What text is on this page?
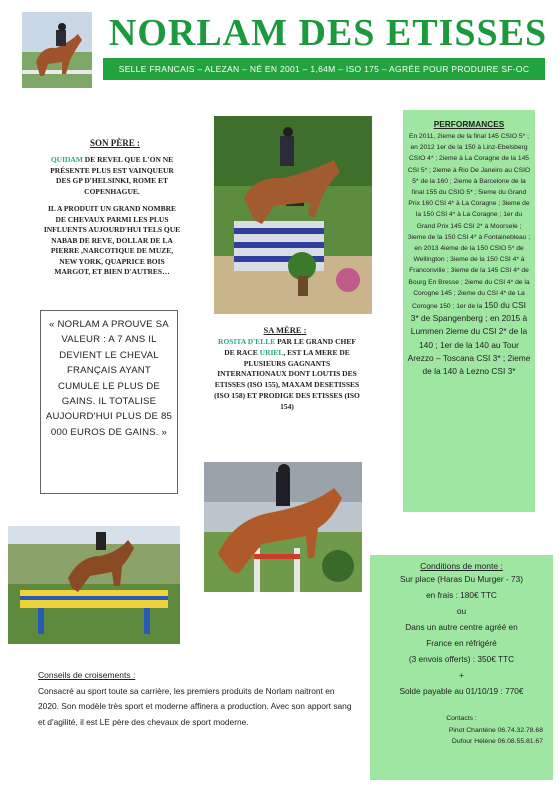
NORLAM DES ETISSES
SELLE FRANCAIS – ALEZAN – NÉ EN 2001 – 1,64M – ISO 175 – AGRÉE POUR PRODUIRE SF-OC
SON PÈRE :
QUIDAM DE REVEL QUE L'ON NE PRÉSENTE PLUS EST VAINQUEUR DES GP D'HELSINKI, ROME ET COPENHAGUE.
IL A PRODUIT UN GRAND NOMBRE DE CHEVAUX PARMI LES PLUS INFLUENTS AUJOURD'HUI TELS QUE NABAB DE REVE, DOLLAR DE LA PIERRE ,NARCOTIQUE DE MUZE, NEW YORK, QUAPRICE BOIS MARGOT, ET BIEN D'AUTRES…
« NORLAM A PROUVE SA VALEUR : A 7 ANS IL DEVIENT LE CHEVAL FRANÇAIS AYANT CUMULE LE PLUS DE GAINS. IL TOTALISE AUJOURD'HUI PLUS DE 85 000 EUROS DE GAINS. »
SA MÈRE :
ROSITA D'ELLE PAR LE GRAND CHEF DE RACE URIEL, EST LA MERE DE PLUSIEURS GAGNANTS INTERNATIONAUX DONT LOUTIS DES ETISSES (ISO 155), MAXAM DESETISSES (ISO 158) ET PRODIGE DES ETISSES (ISO 154)
PERFORMANCES
En 2011, 2ieme de la final 145 CSIO 5* ; en 2012 1er de la 150 à Linz-Ebelsberg CSIO 4* ; 2ieme à La Coragne de la 145 CSI 5* ; 2ieme à Rio De Janeiro au CSIO 5* de la 160 ; 2ieme à Barcelone de la final 155 du CSIO 5* ; 5ieme du Grand Prix 160 CSI 4* à La Coragne ; 3ieme de la 150 CSI 4* à La Coragne ; 1er du Grand Prix 145 CSI 2* à Moorsele ; 3ieme de la 150 CSI 4* à Fontainebleau ; en 2013 4ieme de la 150 CSIO 5* de Wellington ; 3ieme de la 150 CSI 4* à Franconville ; 3ieme de la 145 CSI 4* de Bourg En Bresse ; 2ieme du CSI 4* de la Corogne 145 ; 2ieme du CSI 4* de La Corogne 150 ; 1er de la 150 du CSI 3* de Spangenberg ; en 2015 à Lummen 2ieme du CSI 2* de la 140 ; 1er de la 140 au Tour Arezzo – Toscana CSI 3* ; 2ieme de la 140 à Lezno CSI 3*
Conseils de croisements :
Consacré au sport toute sa carrière, les premiers produits de Norlam naitront en 2020. Son modèle très sport et moderne affinera a production. Avec son apport sang et d'agilité, il est LE père des chevaux de sport moderne.
Conditions de monte :
Sur place (Haras Du Murger - 73)
en frais : 180€ TTC
ou
Dans un autre centre agréé en
France en réfrigéré
(3 envois offerts) : 350€ TTC
+
Solde payable au 01/10/19 : 770€
Contacts :
Pinot Chantène 06.74.32.78.68
Dufour Hélène 06.08.55.81.67
